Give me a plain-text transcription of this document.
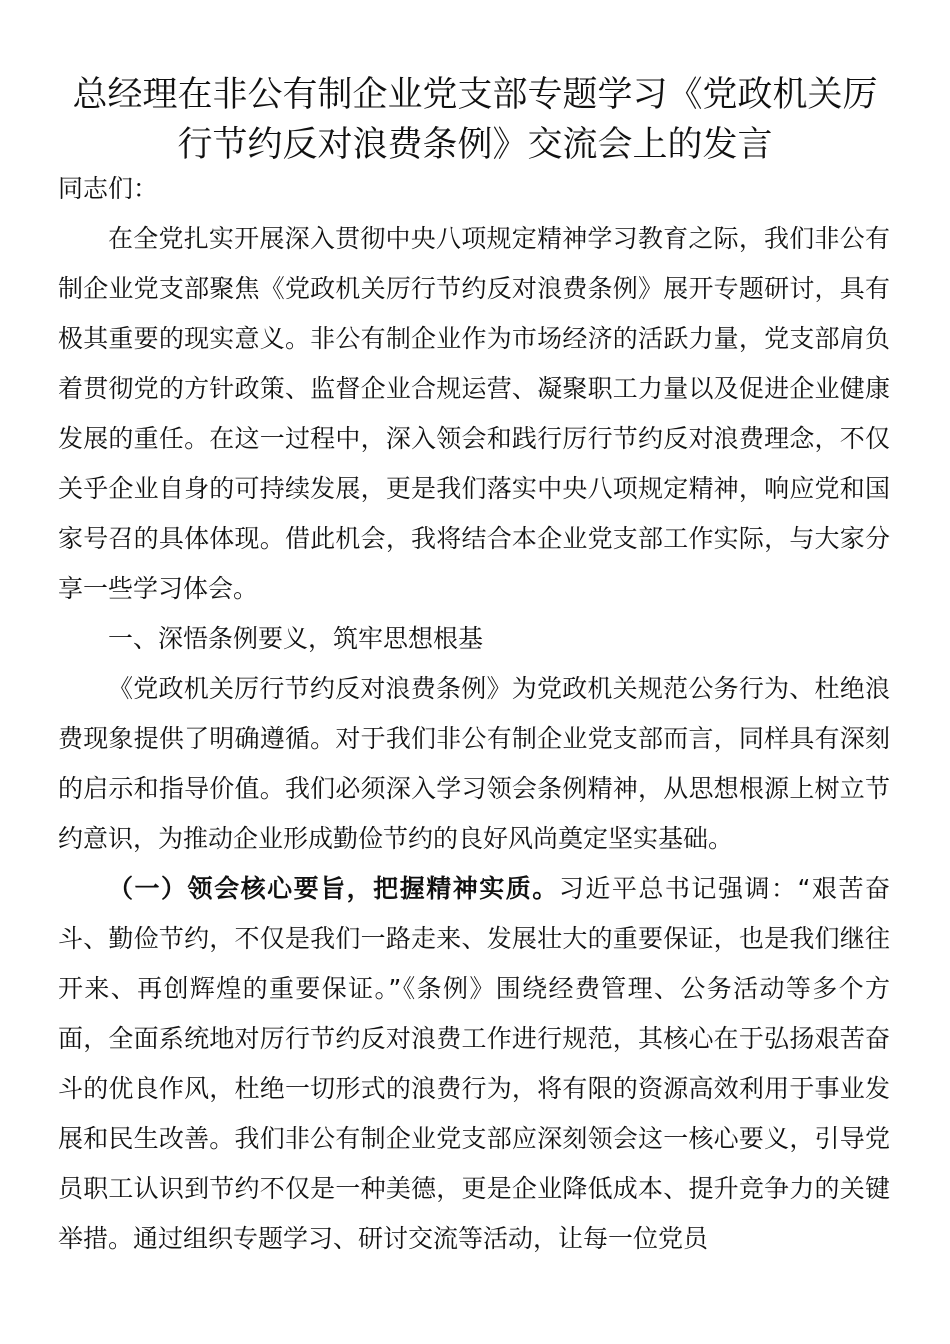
总经理在非公有制企业党支部专题学习《党政机关厉
行节约反对浪费条例》交流会上的发言

同志们：

在全党扎实开展深入贯彻中央八项规定精神学习教育之际，我们非公有制企业党支部聚焦《党政机关厉行节约反对浪费条例》展开专题研讨，具有极其重要的现实意义。非公有制企业作为市场经济的活跃力量，党支部肩负着贯彻党的方针政策、监督企业合规运营、凝聚职工力量以及促进企业健康发展的重任。在这一过程中，深入领会和践行厉行节约反对浪费理念，不仅关乎企业自身的可持续发展，更是我们落实中央八项规定精神，响应党和国家号召的具体体现。借此机会，我将结合本企业党支部工作实际，与大家分享一些学习体会。

一、深悟条例要义，筑牢思想根基

《党政机关厉行节约反对浪费条例》为党政机关规范公务行为、杜绝浪费现象提供了明确遵循。对于我们非公有制企业党支部而言，同样具有深刻的启示和指导价值。我们必须深入学习领会条例精神，从思想根源上树立节约意识，为推动企业形成勤俭节约的良好风尚奠定坚实基础。

（一）领会核心要旨，把握精神实质。习近平总书记强调：“艰苦奋斗、勤俭节约，不仅是我们一路走来、发展壮大的重要保证，也是我们继往开来、再创辉煌的重要保证。”《条例》围绕经费管理、公务活动等多个方面，全面系统地对厉行节约反对浪费工作进行规范，其核心在于弘扬艰苦奋斗的优良作风，杜绝一切形式的浪费行为，将有限的资源高效利用于事业发展和民生改善。我们非公有制企业党支部应深刻领会这一核心要义，引导党员职工认识到节约不仅是一种美德，更是企业降低成本、提升竞争力的关键举措。通过组织专题学习、研讨交流等活动，让每一位党员
